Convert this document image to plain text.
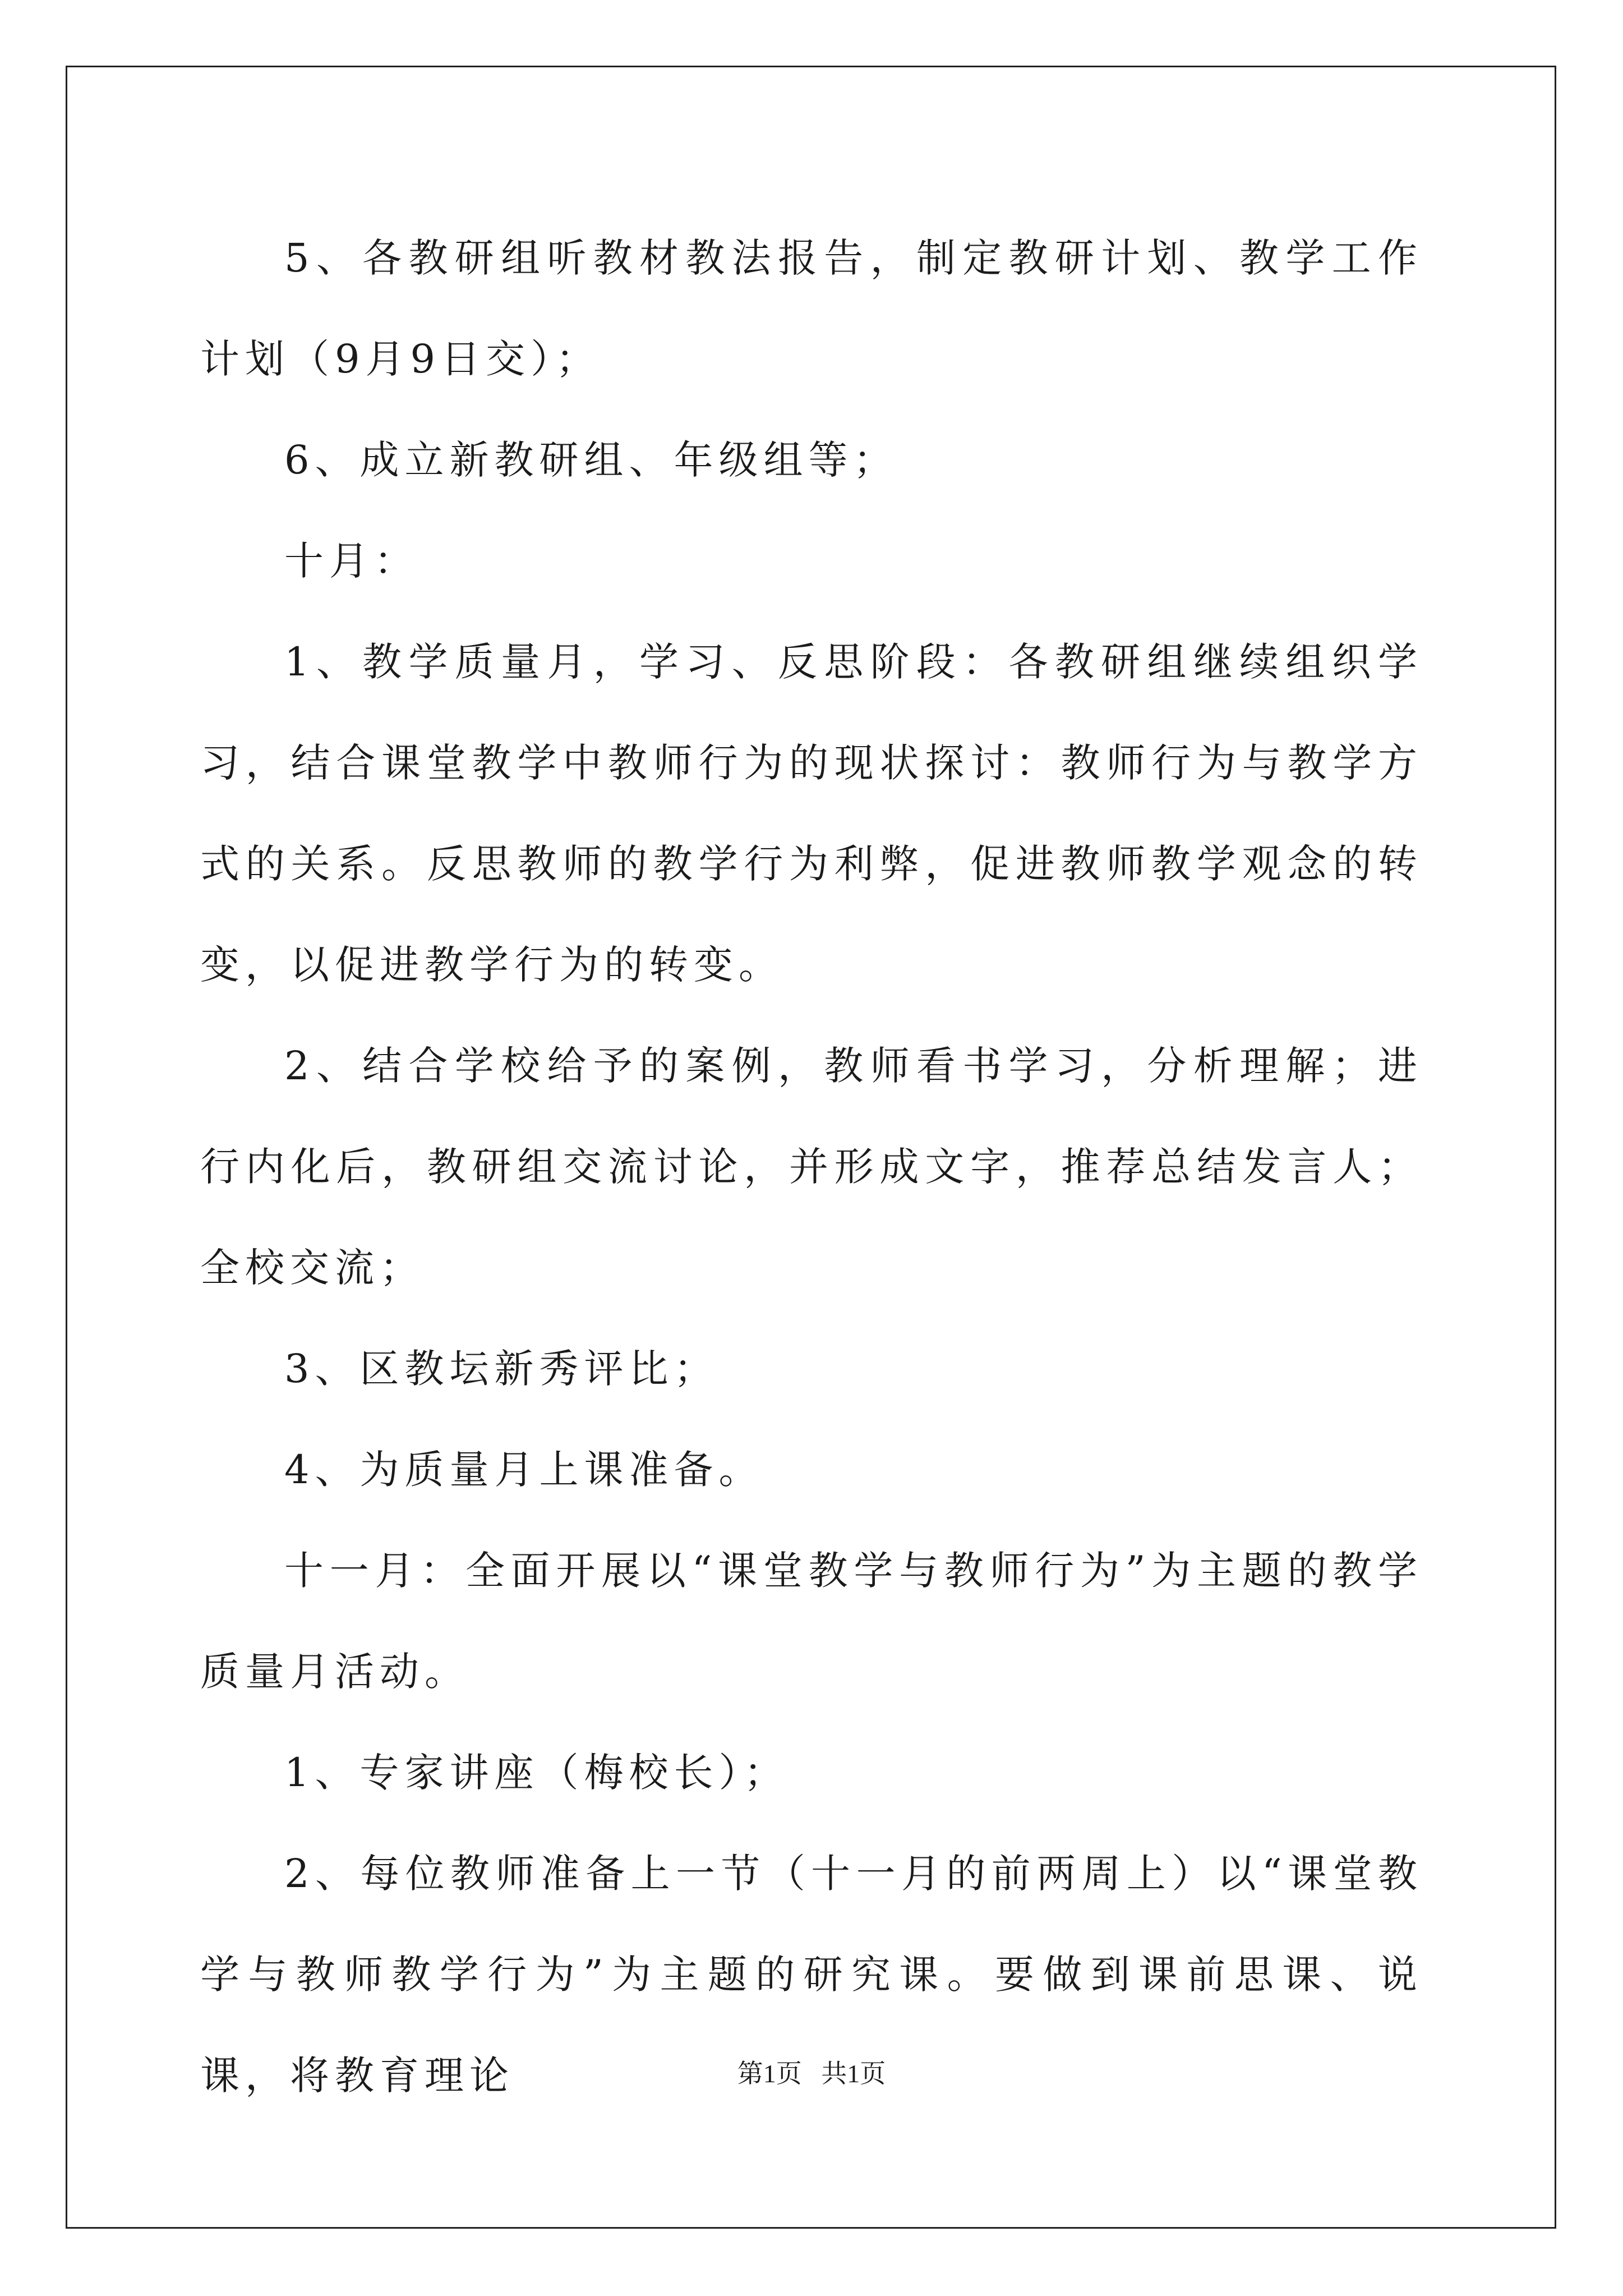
5、各教研组听教材教法报告，制定教研计划、教学工作计划（9月9日交）；

6、成立新教研组、年级组等；

十月：

1、教学质量月，学习、反思阶段：各教研组继续组织学习，结合课堂教学中教师行为的现状探讨：教师行为与教学方式的关系。反思教师的教学行为利弊，促进教师教学观念的转变，以促进教学行为的转变。

2、结合学校给予的案例，教师看书学习，分析理解；进行内化后，教研组交流讨论，并形成文字，推荐总结发言人；全校交流；

3、区教坛新秀评比；

4、为质量月上课准备。

十一月：全面开展以“课堂教学与教师行为”为主题的教学质量月活动。

1、专家讲座（梅校长）；

2、每位教师准备上一节（十一月的前两周上）以“课堂教学与教师教学行为”为主题的研究课。要做到课前思课、说课，将教育理论	第1页 共1页
